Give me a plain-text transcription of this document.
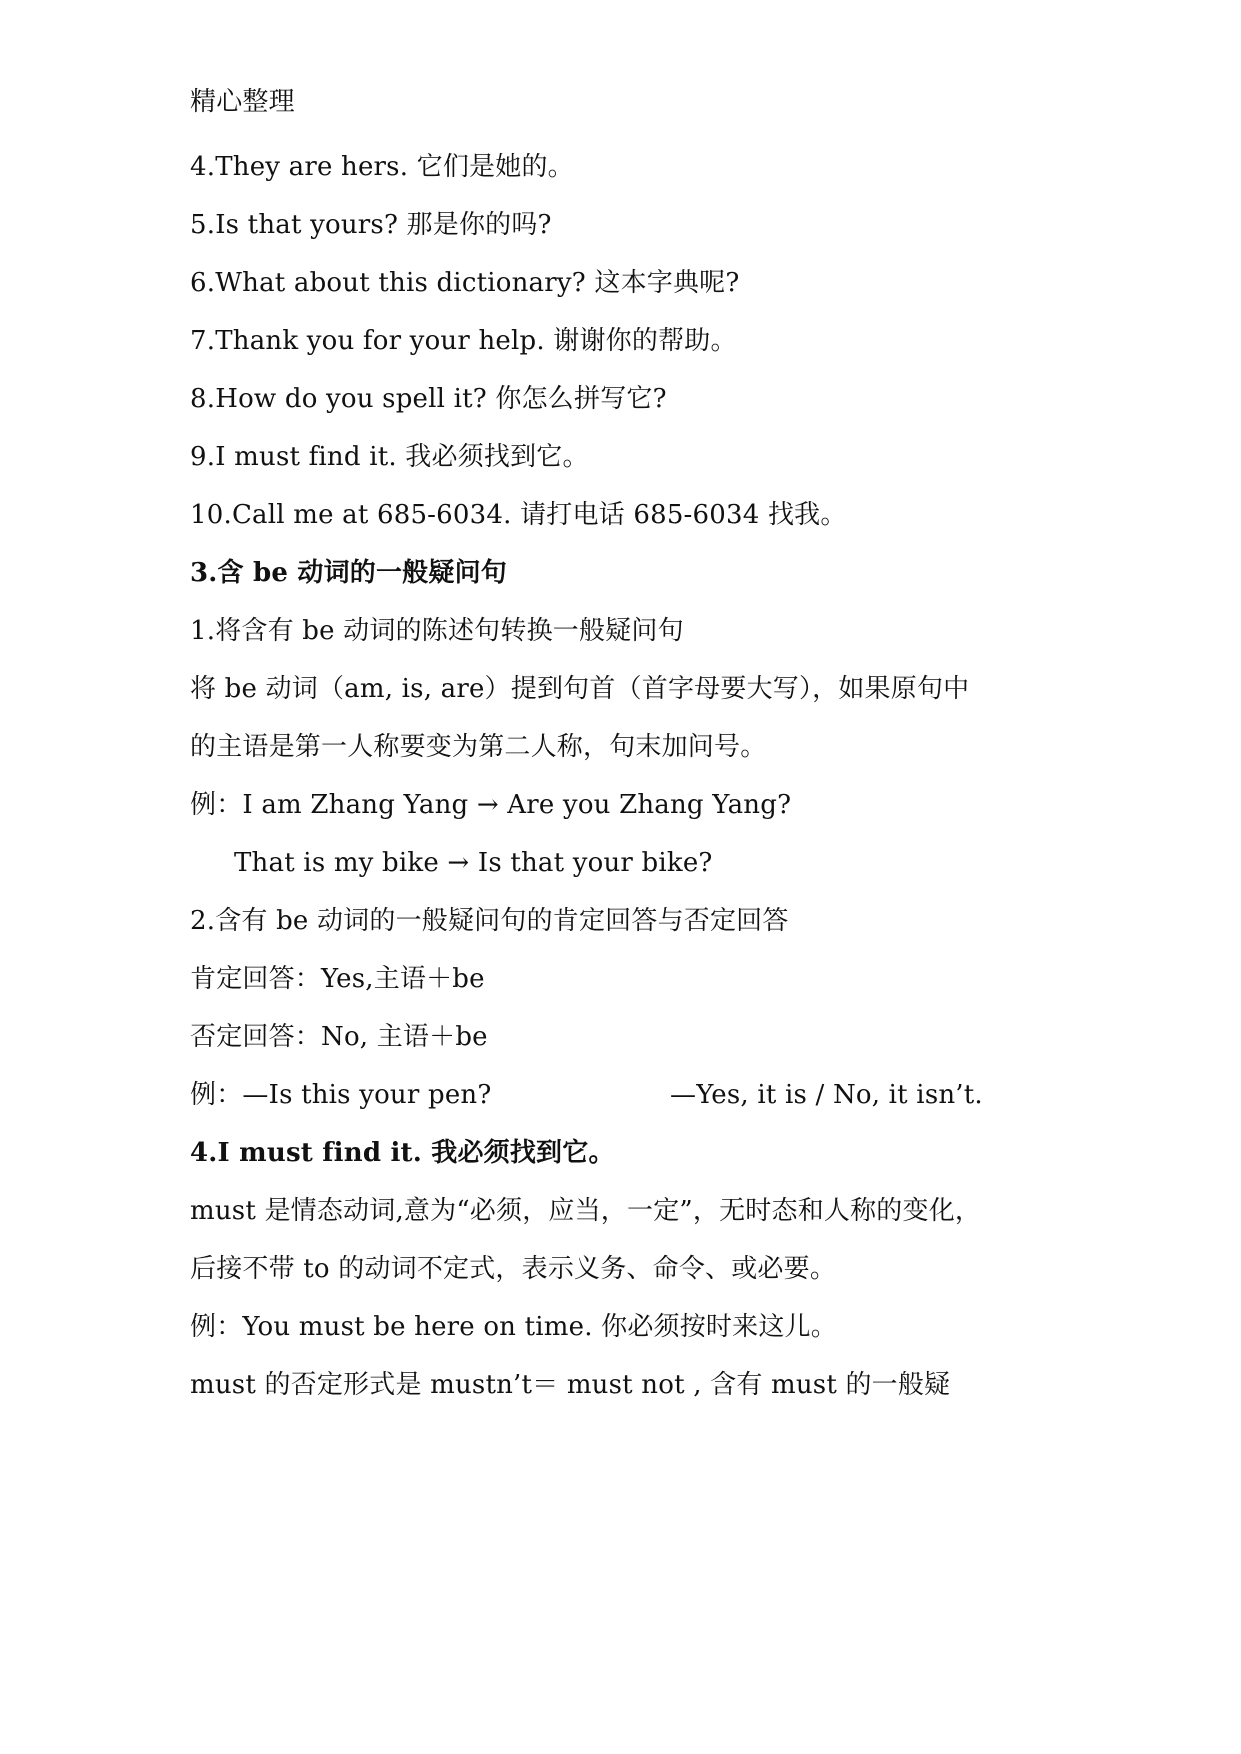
精心整理
4.They are hers. 它们是她的。
5.Is that yours? 那是你的吗?
6.What about this dictionary? 这本字典呢?
7.Thank you for your help. 谢谢你的帮助。
8.How do you spell it? 你怎么拼写它?
9.I must find it. 我必须找到它。
10.Call me at 685-6034. 请打电话 685-6034 找我。
3.含 be 动词的一般疑问句
1.将含有 be 动词的陈述句转换一般疑问句
将 be 动词（am, is, are）提到句首（首字母要大写），如果原句中
的主语是第一人称要变为第二人称，句末加问号。
例：I am Zhang Yang → Are you Zhang Yang?
That is my bike → Is that your bike?
2.含有 be 动词的一般疑问句的肯定回答与否定回答
肯定回答：Yes,主语＋be
否定回答：No, 主语＋be
例：—Is this your pen?	—Yes, it is / No, it isn’t.
4.I must find it. 我必须找到它。
must 是情态动词,意为“必须，应当，一定”，无时态和人称的变化，
后接不带 to 的动词不定式，表示义务、命令、或必要。
例：You must be here on time. 你必须按时来这儿。
must 的否定形式是 mustn’t＝ must not , 含有 must 的一般疑
